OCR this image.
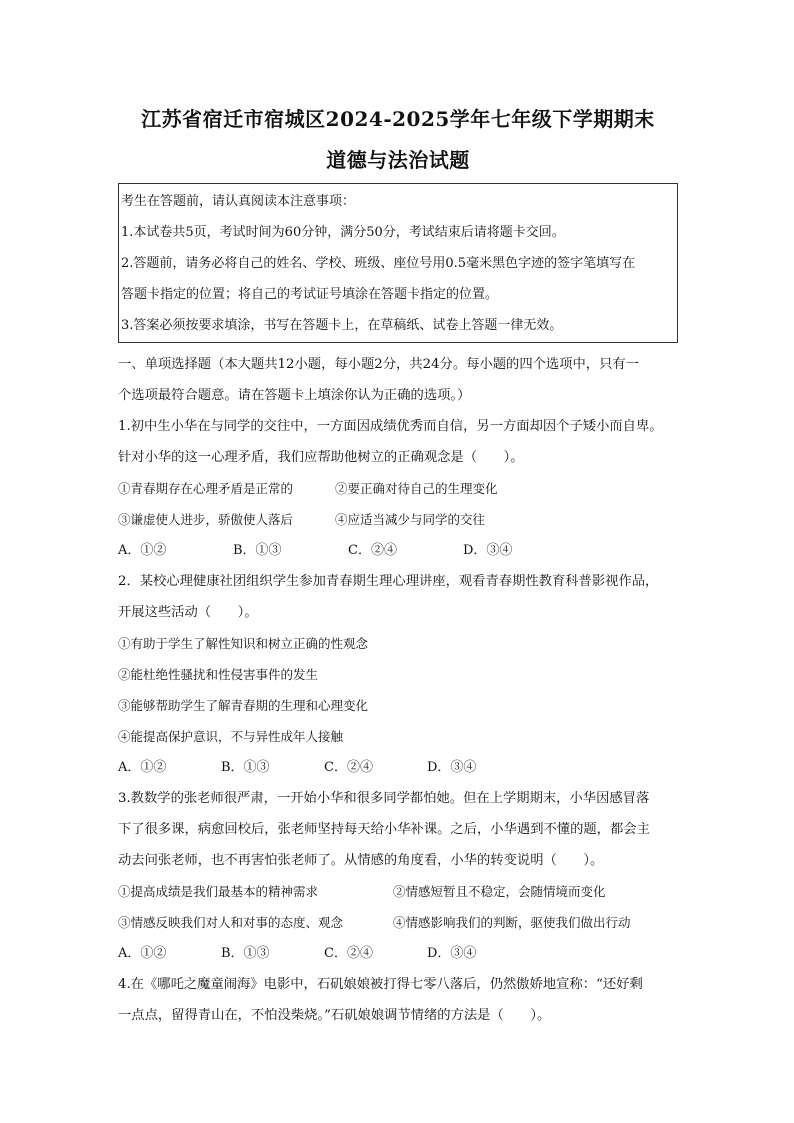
江苏省宿迁市宿城区2024-2025学年七年级下学期期末
道德与法治试题
考生在答题前，请认真阅读本注意事项：
1.本试卷共5页，考试时间为60分钟，满分50分，考试结束后请将题卡交回。
2.答题前，请务必将自己的姓名、学校、班级、座位号用0.5毫米黑色字迹的签字笔填写在
答题卡指定的位置；将自己的考试证号填涂在答题卡指定的位置。
3.答案必须按要求填涂，书写在答题卡上，在草稿纸、试卷上答题一律无效。
一、单项选择题（本大题共12小题，每小题2分，共24分。每小题的四个选项中，只有一
个选项最符合题意。请在答题卡上填涂你认为正确的选项。）
1.初中生小华在与同学的交往中，一方面因成绩优秀而自信，另一方面却因个子矮小而自卑。
针对小华的这一心理矛盾，我们应帮助他树立的正确观念是（　　）。
①青春期存在心理矛盾是正常的	②要正确对待自己的生理变化
③谦虚使人进步，骄傲使人落后	④应适当减少与同学的交往
A．①②	B．①③	C．②④	D．③④
2．某校心理健康社团组织学生参加青春期生理心理讲座，观看青春期性教育科普影视作品，
开展这些活动（　　）。
①有助于学生了解性知识和树立正确的性观念
②能杜绝性骚扰和性侵害事件的发生
③能够帮助学生了解青春期的生理和心理变化
④能提高保护意识，不与异性成年人接触
A．①②	B．①③	C．②④	D．③④
3.教数学的张老师很严肃，一开始小华和很多同学都怕她。但在上学期期末，小华因感冒落
下了很多课，病愈回校后，张老师坚持每天给小华补课。之后，小华遇到不懂的题，都会主
动去问张老师，也不再害怕张老师了。从情感的角度看，小华的转变说明（　　）。
①提高成绩是我们最基本的精神需求	②情感短暂且不稳定，会随情境而变化
③情感反映我们对人和对事的态度、观念	④情感影响我们的判断，驱使我们做出行动
A．①②	B．①③	C．②④	D．③④
4.在《哪吒之魔童闹海》电影中，石矶娘娘被打得七零八落后，仍然傲娇地宣称：“还好剩
一点点，留得青山在，不怕没柴烧。”石矶娘娘调节情绪的方法是（　　）。
